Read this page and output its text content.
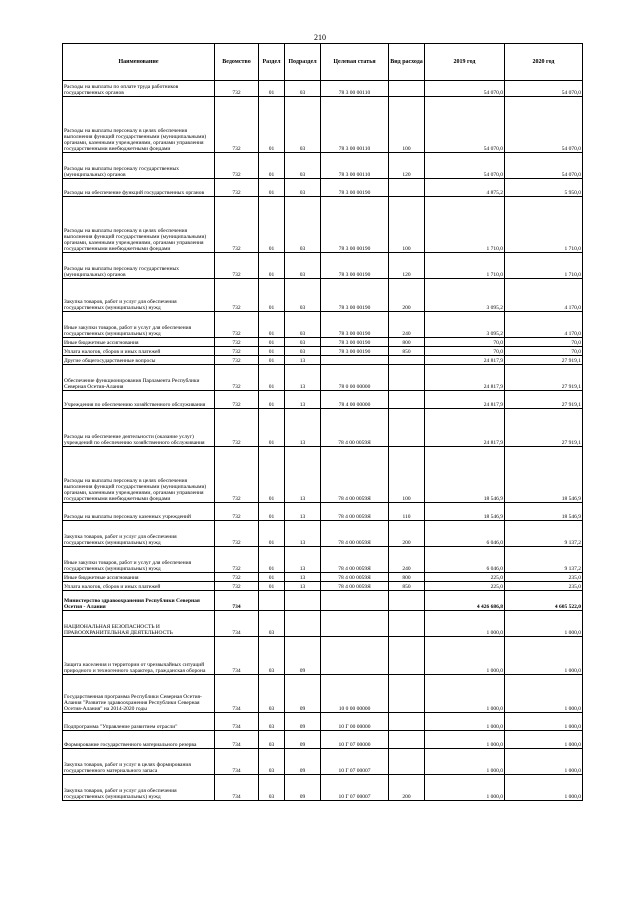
210
Наименование	Ведомство	Раздел	Подраздел	Целевая статья	Вид расхода	2019 год	2020 год
Расходы на выплаты по оплате труда работников государственных органов	732	01	03	78 3 00 00110		54 070,0	54 070,0
Расходы на выплаты персоналу в целях обеспечения выполнения функций государственными (муниципальными) органами, казенными учреждениями, органами управления государственными внебюджетными фондами	732	01	03	78 3 00 00110	100	54 070,0	54 070,0
Расходы на выплаты персоналу государственных (муниципальных) органов	732	01	03	78 3 00 00110	120	54 070,0	54 070,0
Расходы на обеспечение функций государственных органов	732	01	03	78 3 00 00190		4 875,2	5 950,0
Расходы на выплаты персоналу в целях обеспечения выполнения функций государственными (муниципальными) органами, казенными учреждениями, органами управления государственными внебюджетными фондами	732	01	03	78 3 00 00190	100	1 710,0	1 710,0
Расходы на выплаты персоналу государственных (муниципальных) органов	732	01	03	78 3 00 00190	120	1 710,0	1 710,0
Закупка товаров, работ и услуг для обеспечения государственных (муниципальных) нужд	732	01	03	78 3 00 00190	200	3 095,2	4 170,0
Иные закупки товаров, работ и услуг для обеспечения государственных (муниципальных) нужд	732	01	03	78 3 00 00190	240	3 095,2	4 170,0
Иные бюджетные ассигнования	732	01	03	78 3 00 00190	800	70,0	70,0
Уплата налогов, сборов и иных платежей	732	01	03	78 3 00 00190	850	70,0	70,0
Другие общегосударственные вопросы	732	01	13			24 817,9	27 919,1
Обеспечение функционирования Парламента Республики Северная Осетия-Алания	732	01	13	78 0 00 00000		24 817,9	27 919,1
Учреждения по обеспечению хозяйственного обслуживания	732	01	13	78 4 00 00000		24 817,9	27 919,1
Расходы на обеспечение деятельности (оказание услуг) учреждений по обеспечению хозяйственного обслуживания	732	01	13	78 4 00 0059Я		24 817,9	27 919,1
Расходы на выплаты персоналу в целях обеспечения выполнения функций государственными (муниципальными) органами, казенными учреждениями, органами управления государственными внебюджетными фондами	732	01	13	78 4 00 0059Я	100	18 546,9	18 546,9
Расходы на выплаты персоналу казенных учреждений	732	01	13	78 4 00 0059Я	110	18 546,9	18 546,9
Закупка товаров, работ и услуг для обеспечения государственных (муниципальных) нужд	732	01	13	78 4 00 0059Я	200	6 046,0	9 137,2
Иные закупки товаров, работ и услуг для обеспечения государственных (муниципальных) нужд	732	01	13	78 4 00 0059Я	240	6 046,0	9 137,2
Иные бюджетные ассигнования	732	01	13	78 4 00 0059Я	800	225,0	235,0
Уплата налогов, сборов и иных платежей	732	01	13	78 4 00 0059Я	850	225,0	235,0
Министерство здравоохранения Республики Северная Осетия - Алания	734					4 426 686,8	4 605 522,0
НАЦИОНАЛЬНАЯ БЕЗОПАСНОСТЬ И ПРАВООХРАНИТЕЛЬНАЯ ДЕЯТЕЛЬНОСТЬ	734	03				1 000,0	1 000,0
Защита населения и территории от чрезвычайных ситуаций природного и техногенного характера, гражданская оборона	734	03	09			1 000,0	1 000,0
Государственная программа Республики Северная Осетия-Алания "Развитие здравоохранения Республики Северная Осетия-Алания" на 2014-2020 годы	734	03	09	10 0 00 00000		1 000,0	1 000,0
Подпрограмма "Управление развитием отрасли"	734	03	09	10 Г 00 00000		1 000,0	1 000,0
Формирование государственного материального резерва	734	03	09	10 Г 07 00000		1 000,0	1 000,0
Закупка товаров, работ и услуг в целях формирования государственного материального запаса	734	03	09	10 Г 07 00007		1 000,0	1 000,0
Закупка товаров, работ и услуг для обеспечения государственных (муниципальных) нужд	734	03	09	10 Г 07 00007	200	1 000,0	1 000,0
